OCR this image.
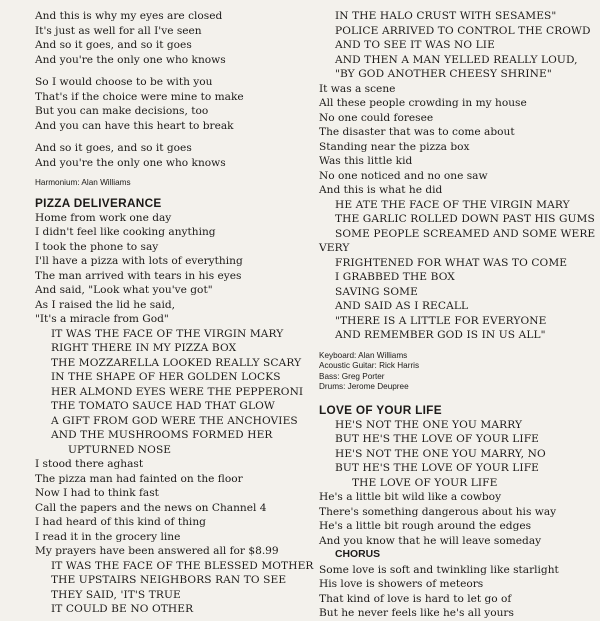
And this is why my eyes are closed
It's just as well for all I've seen
And so it goes, and so it goes
And you're the only one who knows
So I would choose to be with you
That's if the choice were mine to make
But you can make decisions, too
And you can have this heart to break
And so it goes, and so it goes
And you're the only one who knows
Harmonium: Alan Williams
PIZZA DELIVERANCE
Home from work one day
I didn't feel like cooking anything
I took the phone to say
I'll have a pizza with lots of everything
The man arrived with tears in his eyes
And said, "Look what you've got"
As I raised the lid he said,
"It's a miracle from God"
IT WAS THE FACE OF THE VIRGIN MARY
RIGHT THERE IN MY PIZZA BOX
THE MOZZARELLA LOOKED REALLY SCARY
IN THE SHAPE OF HER GOLDEN LOCKS
HER ALMOND EYES WERE THE PEPPERONI
THE TOMATO SAUCE HAD THAT GLOW
A GIFT FROM GOD WERE THE ANCHOVIES
AND THE MUSHROOMS FORMED HER
UPTURNED NOSE
I stood there aghast
The pizza man had fainted on the floor
Now I had to think fast
Call the papers and the news on Channel 4
I had heard of this kind of thing
I read it in the grocery line
My prayers have been answered all for $8.99
IT WAS THE FACE OF THE BLESSED MOTHER
THE UPSTAIRS NEIGHBORS RAN TO SEE
THEY SAID, 'IT'S TRUE
IT COULD BE NO OTHER
IN THE HALO CRUST WITH SESAMES"
POLICE ARRIVED TO CONTROL THE CROWD
AND TO SEE IT WAS NO LIE
AND THEN A MAN YELLED REALLY LOUD,
"BY GOD ANOTHER CHEESY SHRINE"
It was a scene
All these people crowding in my house
No one could foresee
The disaster that was to come about
Standing near the pizza box
Was this little kid
No one noticed and no one saw
And this is what he did
HE ATE THE FACE OF THE VIRGIN MARY
THE GARLIC ROLLED DOWN PAST HIS GUMS
SOME PEOPLE SCREAMED AND SOME WERE
VERY
FRIGHTENED FOR WHAT WAS TO COME
I GRABBED THE BOX
SAVING SOME
AND SAID AS I RECALL
"THERE IS A LITTLE FOR EVERYONE
AND REMEMBER GOD IS IN US ALL"
Keyboard: Alan Williams
Acoustic Guitar: Rick Harris
Bass: Greg Porter
Drums: Jerome Deupree
LOVE OF YOUR LIFE
HE'S NOT THE ONE YOU MARRY
BUT HE'S THE LOVE OF YOUR LIFE
HE'S NOT THE ONE YOU MARRY, NO
BUT HE'S THE LOVE OF YOUR LIFE
THE LOVE OF YOUR LIFE
He's a little bit wild like a cowboy
There's something dangerous about his way
He's a little bit rough around the edges
And you know that he will leave someday
CHORUS
Some love is soft and twinkling like starlight
His love is showers of meteors
That kind of love is hard to let go of
But he never feels like he's all yours
